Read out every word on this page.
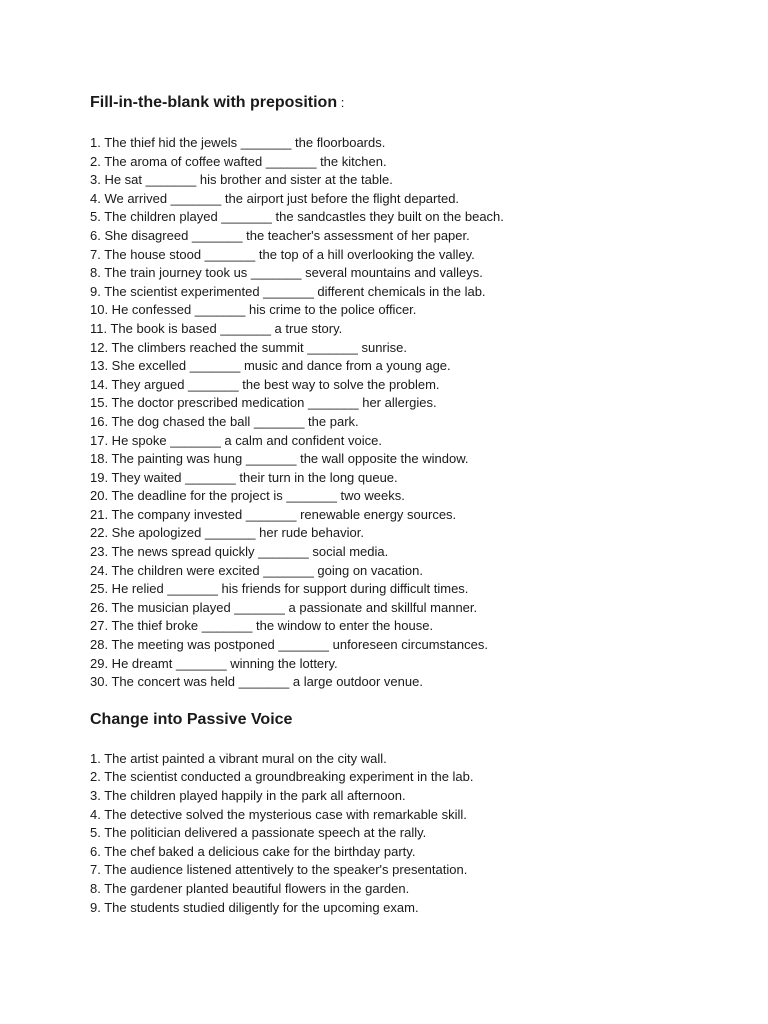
Fill-in-the-blank with preposition :
1. The thief hid the jewels _______ the floorboards.
2. The aroma of coffee wafted _______ the kitchen.
3. He sat _______ his brother and sister at the table.
4. We arrived _______ the airport just before the flight departed.
5. The children played _______ the sandcastles they built on the beach.
6. She disagreed _______ the teacher's assessment of her paper.
7. The house stood _______ the top of a hill overlooking the valley.
8. The train journey took us _______ several mountains and valleys.
9. The scientist experimented _______ different chemicals in the lab.
10. He confessed _______ his crime to the police officer.
11. The book is based _______ a true story.
12. The climbers reached the summit _______ sunrise.
13. She excelled _______ music and dance from a young age.
14. They argued _______ the best way to solve the problem.
15. The doctor prescribed medication _______ her allergies.
16. The dog chased the ball _______ the park.
17. He spoke _______ a calm and confident voice.
18. The painting was hung _______ the wall opposite the window.
19. They waited _______ their turn in the long queue.
20. The deadline for the project is _______ two weeks.
21. The company invested _______ renewable energy sources.
22. She apologized _______ her rude behavior.
23. The news spread quickly _______ social media.
24. The children were excited _______ going on vacation.
25. He relied _______ his friends for support during difficult times.
26. The musician played _______ a passionate and skillful manner.
27. The thief broke _______ the window to enter the house.
28. The meeting was postponed _______ unforeseen circumstances.
29. He dreamt _______ winning the lottery.
30. The concert was held _______ a large outdoor venue.
Change into Passive Voice
1. The artist painted a vibrant mural on the city wall.
2. The scientist conducted a groundbreaking experiment in the lab.
3. The children played happily in the park all afternoon.
4. The detective solved the mysterious case with remarkable skill.
5. The politician delivered a passionate speech at the rally.
6. The chef baked a delicious cake for the birthday party.
7. The audience listened attentively to the speaker's presentation.
8. The gardener planted beautiful flowers in the garden.
9. The students studied diligently for the upcoming exam.
